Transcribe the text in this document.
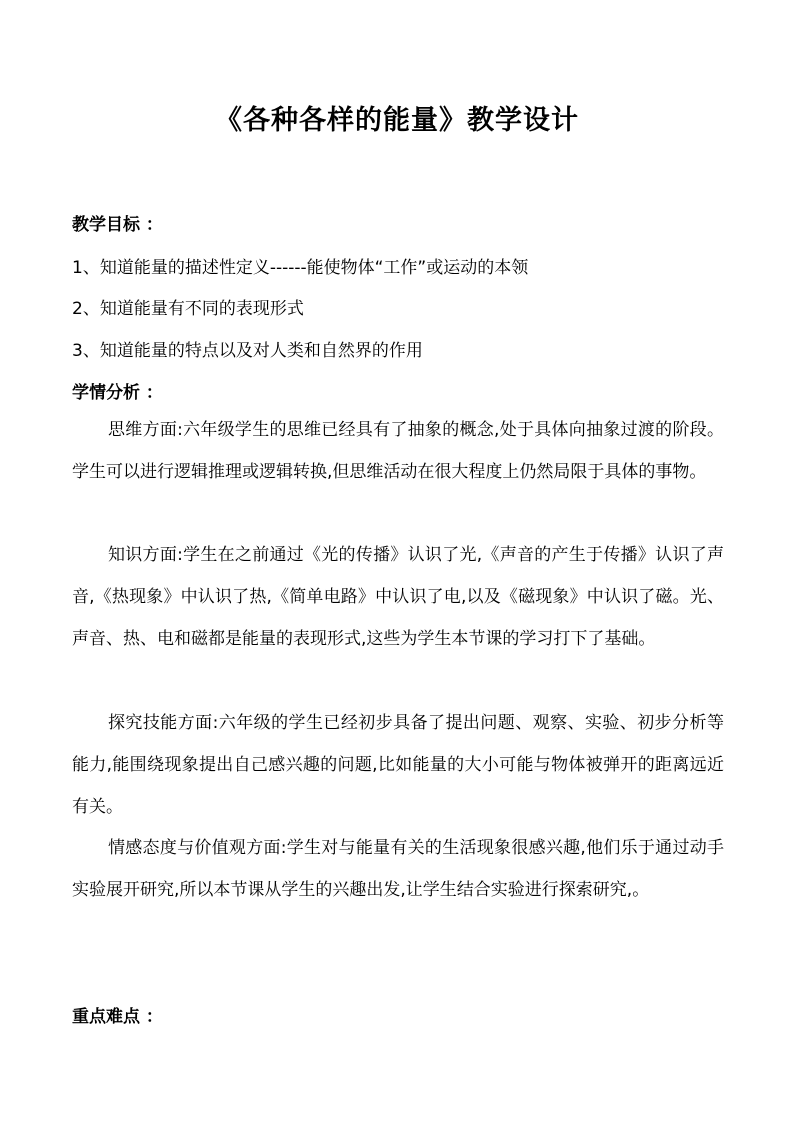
《各种各样的能量》教学设计
教学目标 ：
1、知道能量的描述性定义------能使物体“工作”或运动的本领
2、知道能量有不同的表现形式
3、知道能量的特点以及对人类和自然界的作用
学情分析 ：
思维方面:六年级学生的思维已经具有了抽象的概念,处于具体向抽象过渡的阶段。学生可以进行逻辑推理或逻辑转换,但思维活动在很大程度上仍然局限于具体的事物。
知识方面:学生在之前通过《光的传播》认识了光,《声音的产生于传播》认识了声音,《热现象》中认识了热,《简单电路》中认识了电,以及《磁现象》中认识了磁。光、声音、热、电和磁都是能量的表现形式,这些为学生本节课的学习打下了基础。
探究技能方面:六年级的学生已经初步具备了提出问题、观察、实验、初步分析等能力,能围绕现象提出自己感兴趣的问题,比如能量的大小可能与物体被弹开的距离远近有关。
情感态度与价值观方面:学生对与能量有关的生活现象很感兴趣,他们乐于通过动手实验展开研究,所以本节课从学生的兴趣出发,让学生结合实验进行探索研究,。
重点难点 ：
